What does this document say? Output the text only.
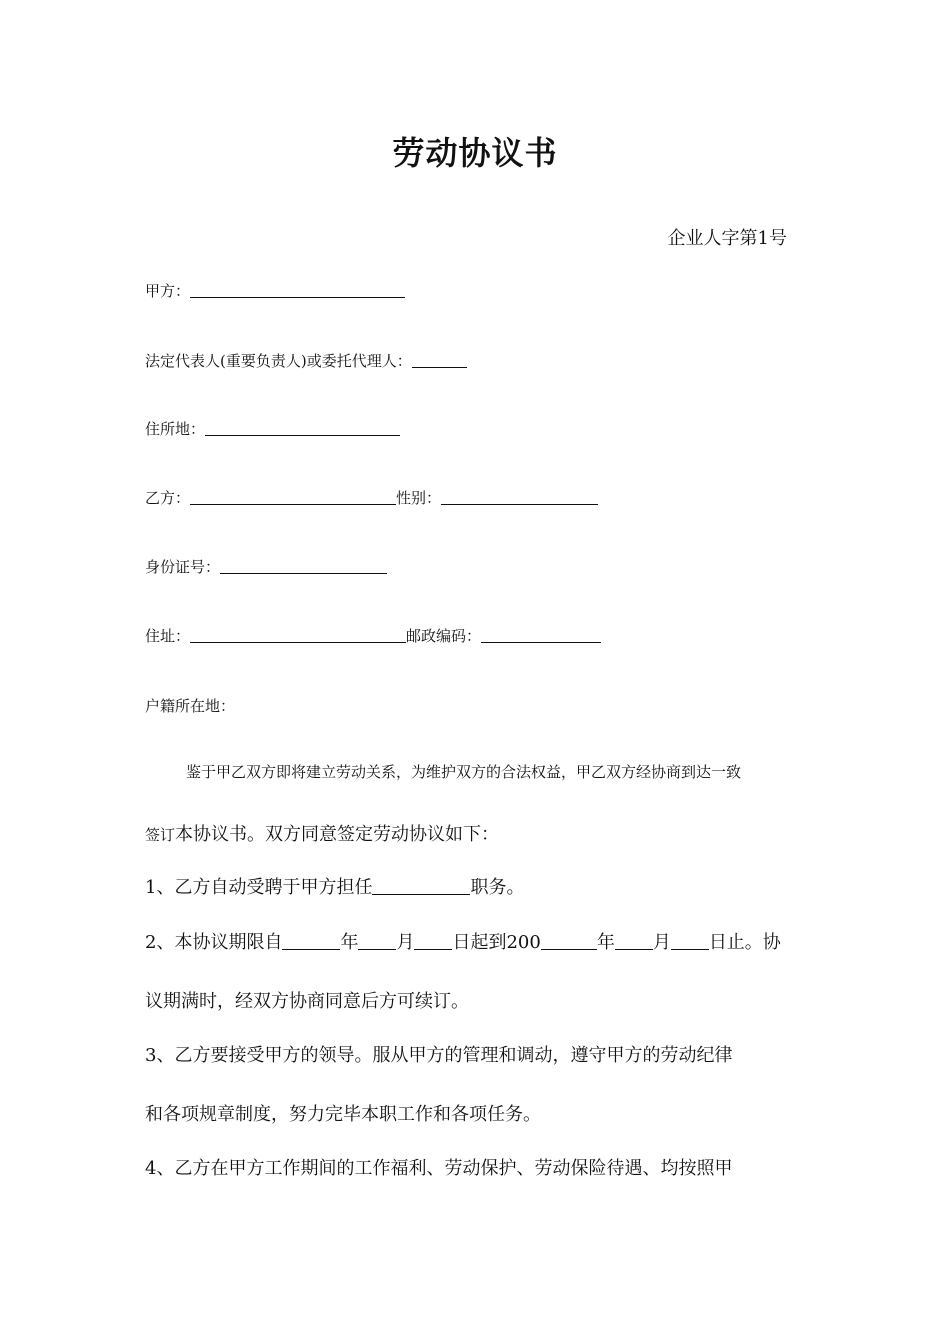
劳动协议书
企业人字第1号
甲方：
法定代表人(重要负责人)或委托代理人：
住所地：
乙方：	性别：
身份证号：
住址：	邮政编码：
户籍所在地：
鉴于甲乙双方即将建立劳动关系，为维护双方的合法权益，甲乙双方经协商到达一致
签订本协议书。双方同意签定劳动协议如下：
1、乙方自动受聘于甲方担任	职务。
2、本协议期限自	年 月 日起到200	年 月 日止。协
议期满时，经双方协商同意后方可续订。
3、乙方要接受甲方的领导。服从甲方的管理和调动，遵守甲方的劳动纪律
和各项规章制度，努力完毕本职工作和各项任务。
4、乙方在甲方工作期间的工作福利、劳动保护、劳动保险待遇、均按照甲
